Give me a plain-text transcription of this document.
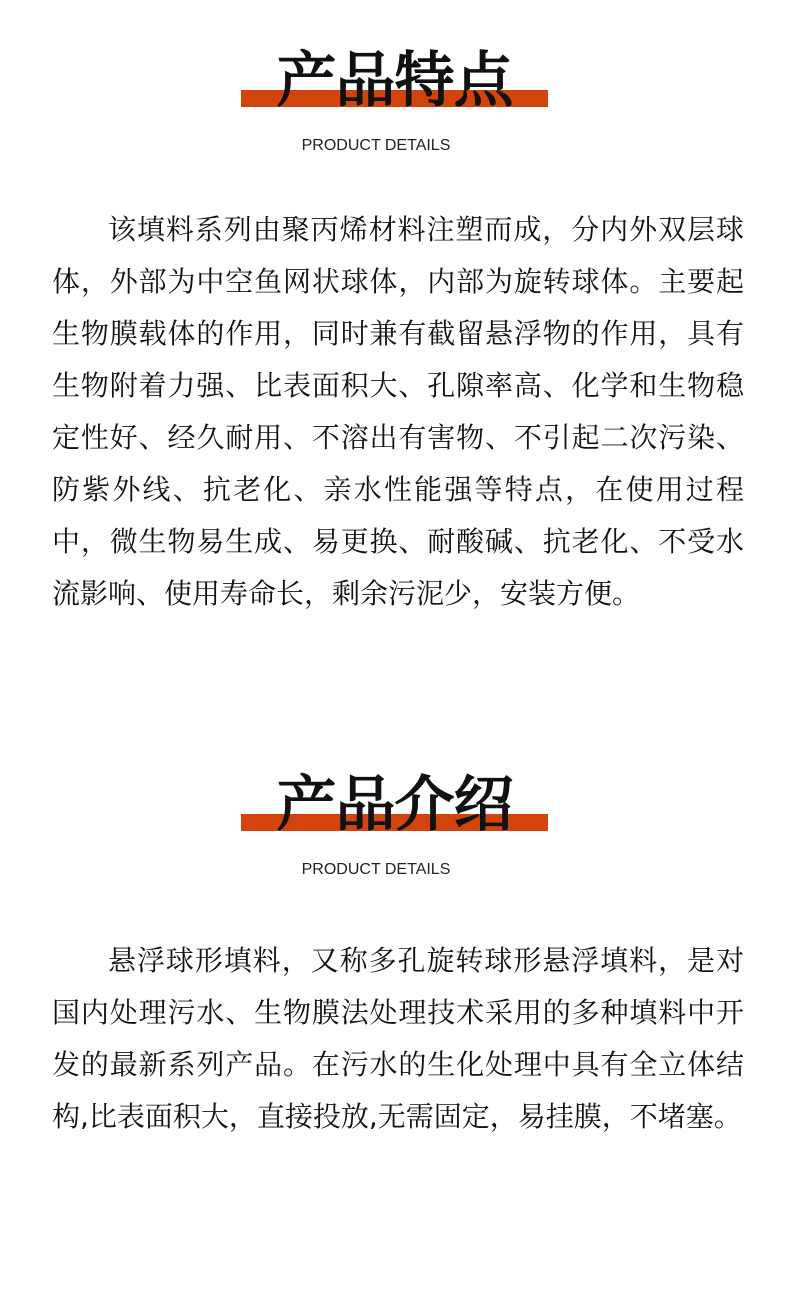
产品特点
PRODUCT DETAILS

该填料系列由聚丙烯材料注塑而成，分内外双层球体，外部为中空鱼网状球体，内部为旋转球体。主要起生物膜载体的作用，同时兼有截留悬浮物的作用，具有生物附着力强、比表面积大、孔隙率高、化学和生物稳定性好、经久耐用、不溶出有害物、不引起二次污染、防紫外线、抗老化、亲水性能强等特点，在使用过程中，微生物易生成、易更换、耐酸碱、抗老化、不受水流影响、使用寿命长，剩余污泥少，安装方便。

产品介绍
PRODUCT DETAILS

悬浮球形填料，又称多孔旋转球形悬浮填料，是对国内处理污水、生物膜法处理技术采用的多种填料中开发的最新系列产品。在污水的生化处理中具有全立体结构,比表面积大，直接投放,无需固定，易挂膜，不堵塞。
